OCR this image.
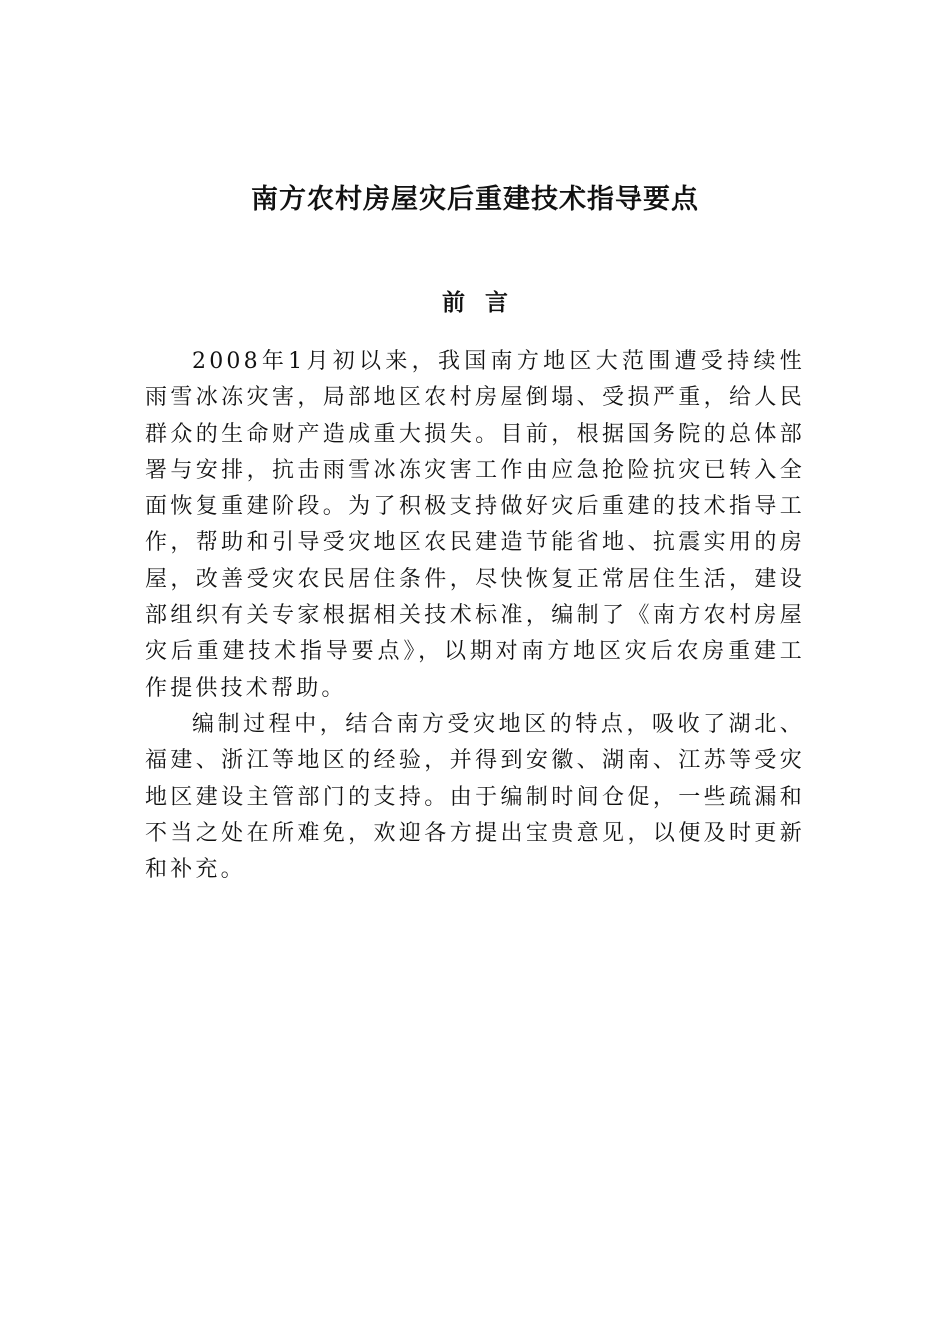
南方农村房屋灾后重建技术指导要点
前言

2008年1月初以来，我国南方地区大范围遭受持续性雨雪冰冻灾害，局部地区农村房屋倒塌、受损严重，给人民群众的生命财产造成重大损失。目前，根据国务院的总体部署与安排，抗击雨雪冰冻灾害工作由应急抢险抗灾已转入全面恢复重建阶段。为了积极支持做好灾后重建的技术指导工作，帮助和引导受灾地区农民建造节能省地、抗震实用的房屋，改善受灾农民居住条件，尽快恢复正常居住生活，建设部组织有关专家根据相关技术标准，编制了《南方农村房屋灾后重建技术指导要点》，以期对南方地区灾后农房重建工作提供技术帮助。

编制过程中，结合南方受灾地区的特点，吸收了湖北、福建、浙江等地区的经验，并得到安徽、湖南、江苏等受灾地区建设主管部门的支持。由于编制时间仓促，一些疏漏和不当之处在所难免，欢迎各方提出宝贵意见，以便及时更新和补充。
